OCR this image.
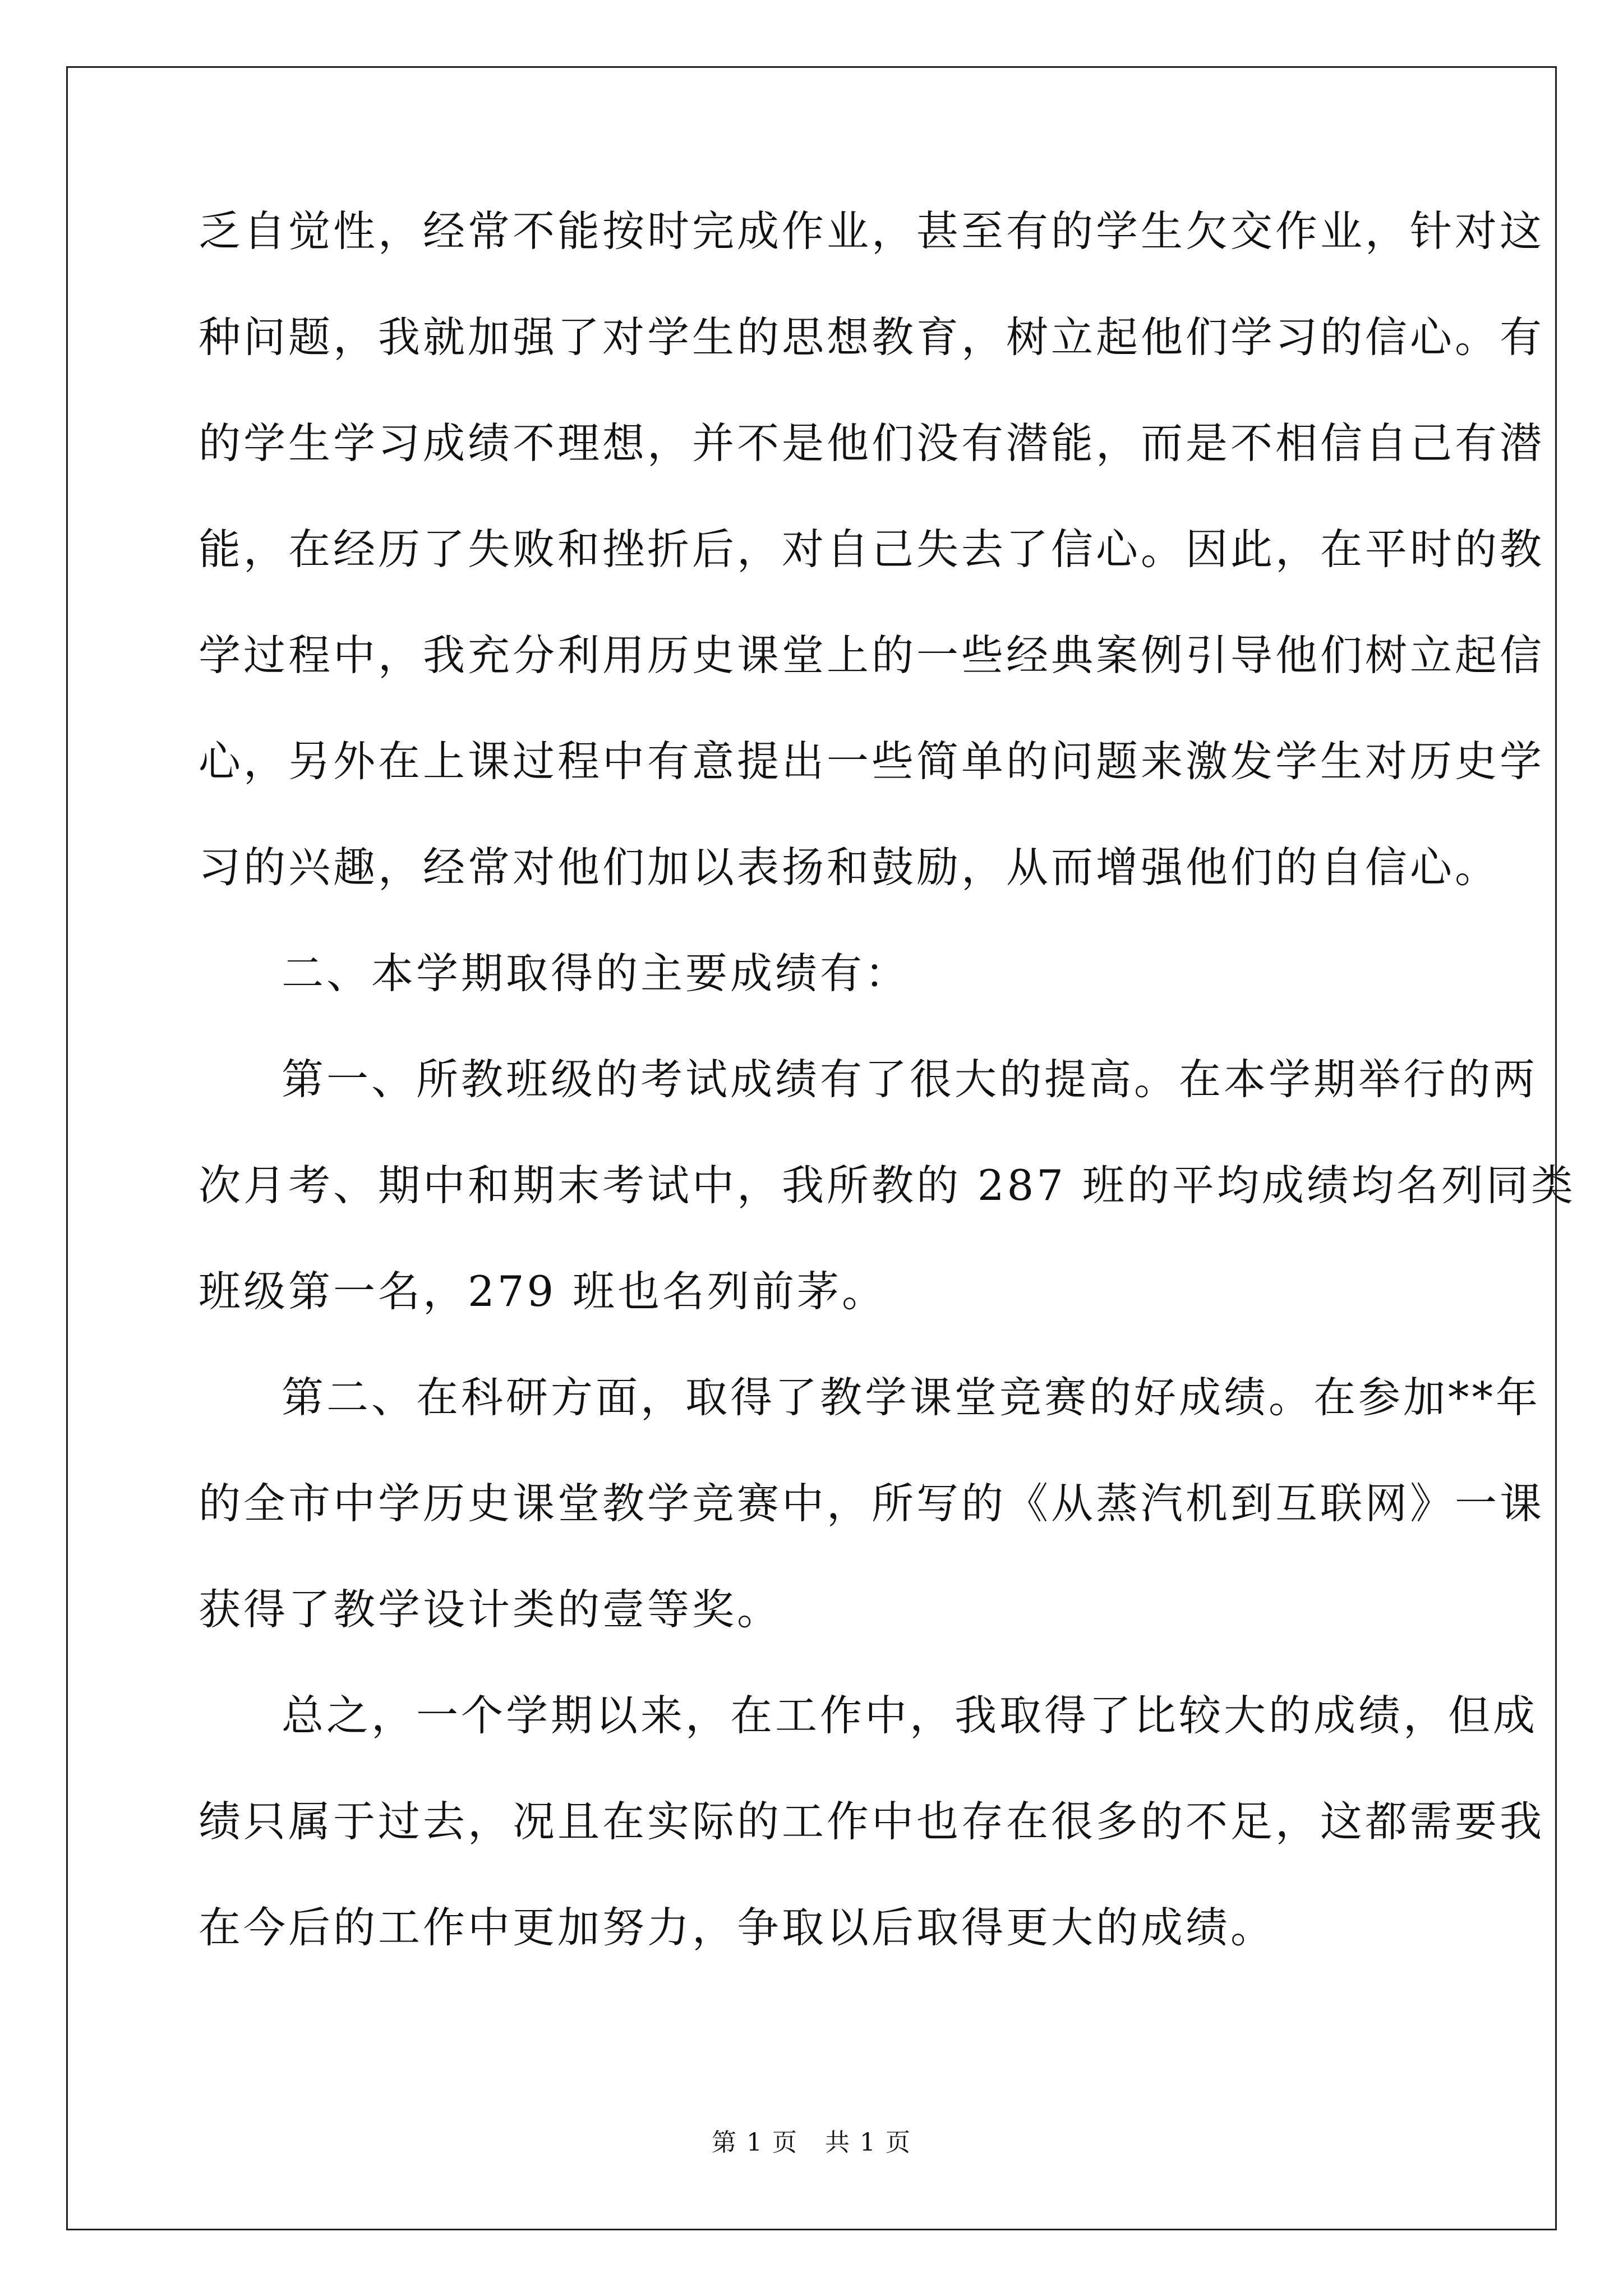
乏自觉性，经常不能按时完成作业，甚至有的学生欠交作业，针对这
种问题，我就加强了对学生的思想教育，树立起他们学习的信心。有
的学生学习成绩不理想，并不是他们没有潜能，而是不相信自己有潜
能，在经历了失败和挫折后，对自己失去了信心。因此，在平时的教
学过程中，我充分利用历史课堂上的一些经典案例引导他们树立起信
心，另外在上课过程中有意提出一些简单的问题来激发学生对历史学
习的兴趣，经常对他们加以表扬和鼓励，从而增强他们的自信心。
二、本学期取得的主要成绩有：
第一、所教班级的考试成绩有了很大的提高。在本学期举行的两
次月考、期中和期末考试中，我所教的 287 班的平均成绩均名列同类
班级第一名，279 班也名列前茅。
第二、在科研方面，取得了教学课堂竞赛的好成绩。在参加**年
的全市中学历史课堂教学竞赛中，所写的《从蒸汽机到互联网》一课
获得了教学设计类的壹等奖。
总之，一个学期以来，在工作中，我取得了比较大的成绩，但成
绩只属于过去，况且在实际的工作中也存在很多的不足，这都需要我
在今后的工作中更加努力，争取以后取得更大的成绩。
第 1 页   共 1 页
